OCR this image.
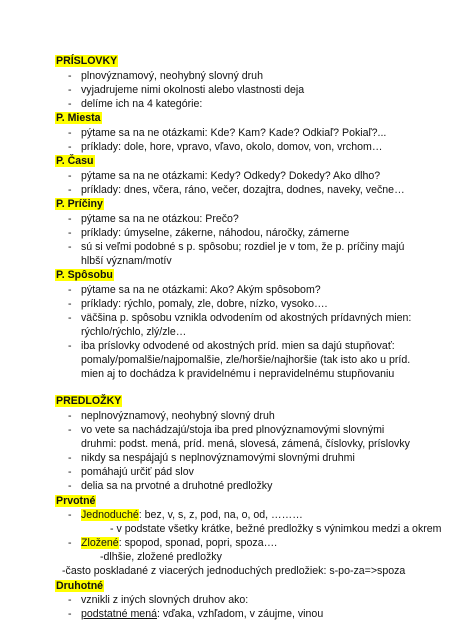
PRÍSLOVKY
- plnovýznamový, neohybný slovný druh
- vyjadrujeme nimi okolnosti alebo vlastnosti deja
- delíme ich na 4 kategórie:
P. Miesta
- pýtame sa na ne otázkami: Kde? Kam? Kade? Odkiaľ? Pokiaľ?...
- príklady: dole, hore, vpravo, vľavo, okolo, domov, von, vrchom…
P. Času
- pýtame sa na ne otázkami: Kedy? Odkedy? Dokedy? Ako dlho?
- príklady: dnes, včera, ráno, večer, dozajtra, dodnes, naveky, večne…
P. Príčiny
- pýtame sa na ne otázkou: Prečo?
- príklady: úmyselne, zákerne, náhodou, náročky, zámerne
- sú si veľmi podobné s p. spôsobu; rozdiel je v tom, že p. príčiny majú
hlbší význam/motív
P. Spôsobu
- pýtame sa na ne otázkami: Ako? Akým spôsobom?
- príklady: rýchlo, pomaly, zle, dobre, nízko, vysoko….
- väčšina p. spôsobu vznikla odvodením od akostných prídavných mien:
rýchlo/rýchlo, zlý/zle…
- iba príslovky odvodené od akostných príd. mien sa dajú stupňovať:
pomaly/pomalšie/najpomalšie, zle/horšie/najhoršie (tak isto ako u príd.
mien aj to dochádza k pravidelnému i nepravidelnému stupňovaniu
PREDLOŽKY
- neplnovýznamový, neohybný slovný druh
- vo vete sa nachádzajú/stoja iba pred plnovýznamovými slovnými
druhmi: podst. mená, príd. mená, slovesá, zámená, číslovky, príslovky
- nikdy sa nespájajú s neplnovýznamovými slovnými druhmi
- pomáhajú určiť pád slov
- delia sa na prvotné a druhotné predložky
Prvotné
- Jednoduché: bez, v, s, z, pod, na, o, od, ………
- v podstate všetky krátke, bežné predložky s výnimkou medzi a okrem
- Zložené: spopod, sponad, popri, spoza….
-dlhšie, zložené predložky
-často poskladané z viacerých jednoduchých predložiek: s-po-za=>spoza
Druhotné
- vznikli z iných slovných druhov ako:
- podstatné mená: vďaka, vzhľadom, v záujme, vinou
